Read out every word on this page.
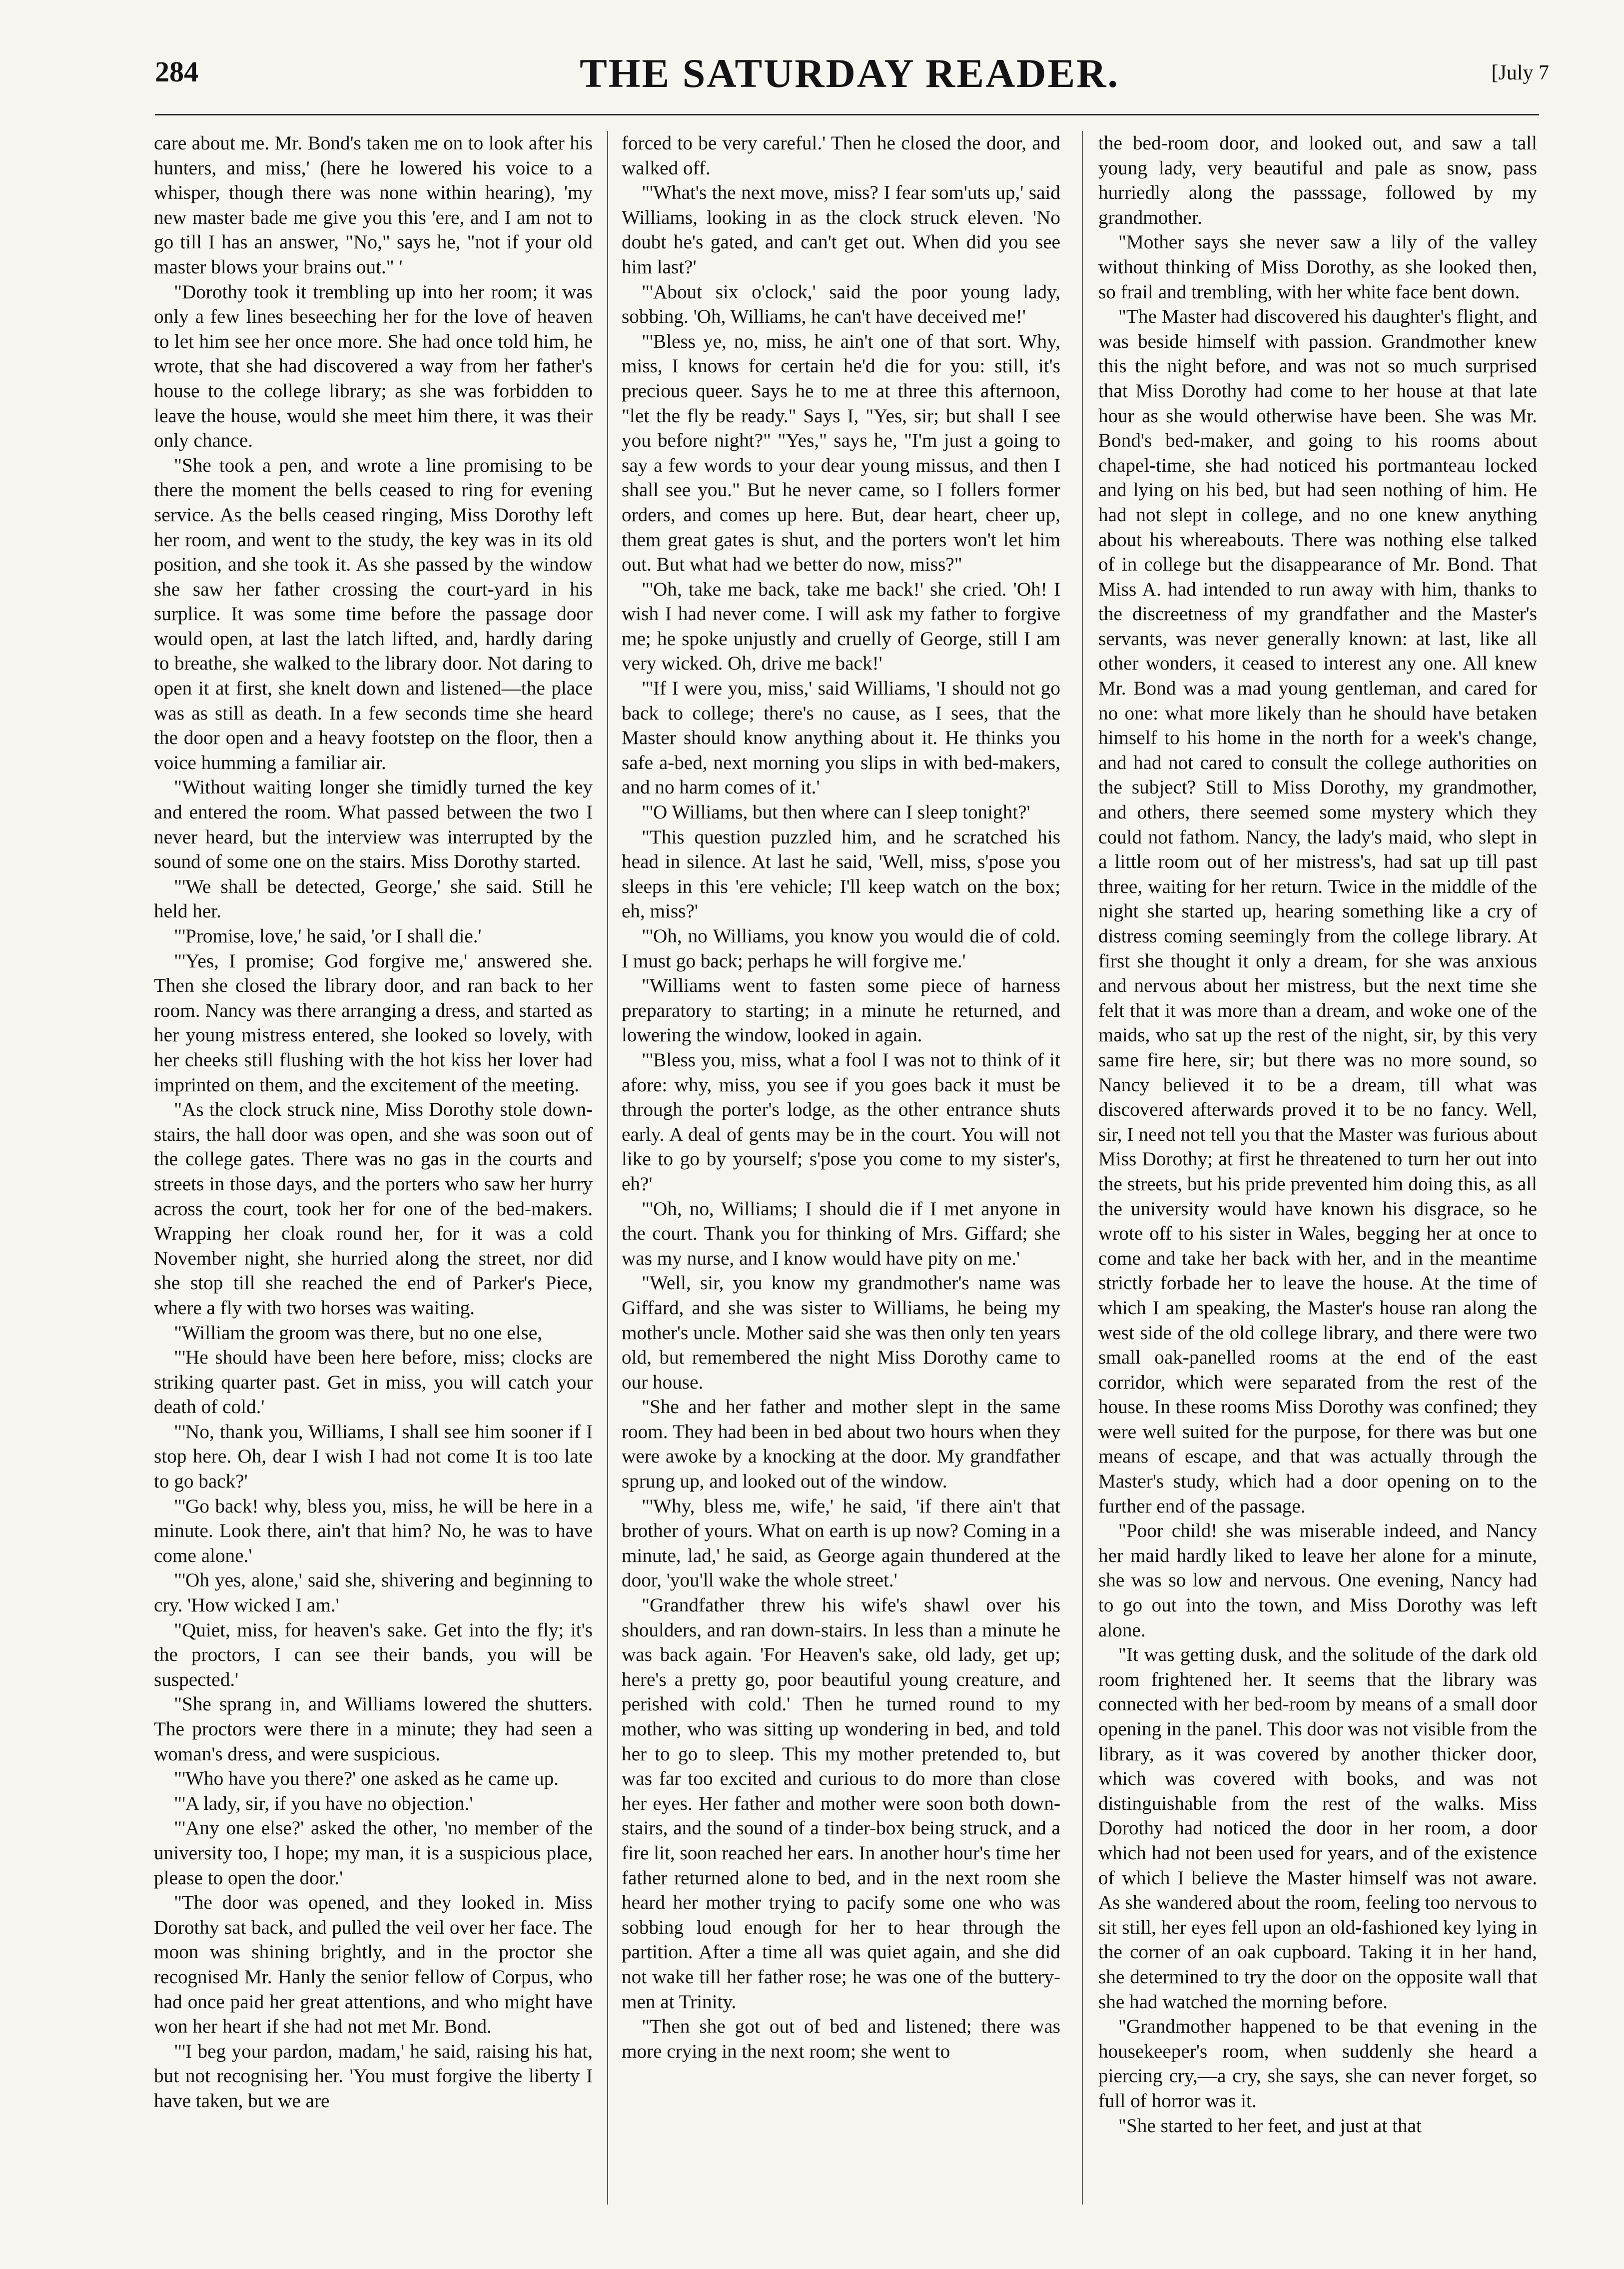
284	THE SATURDAY READER.	[July 7

care about me. Mr. Bond's taken me on to look after his hunters, and miss,' (here he lowered his voice to a whisper, though there was none within hearing), 'my new master bade me give you this 'ere, and I am not to go till I has an answer, "No," says he, "not if your old master blows your brains out." '

"Dorothy took it trembling up into her room; it was only a few lines beseeching her for the love of heaven to let him see her once more. She had once told him, he wrote, that she had discovered a way from her father's house to the college library; as she was forbidden to leave the house, would she meet him there, it was their only chance.

"She took a pen, and wrote a line promising to be there the moment the bells ceased to ring for evening service. As the bells ceased ringing, Miss Dorothy left her room, and went to the study, the key was in its old position, and she took it. As she passed by the window she saw her father crossing the court-yard in his surplice. It was some time before the passage door would open, at last the latch lifted, and, hardly daring to breathe, she walked to the library door. Not daring to open it at first, she knelt down and listened—the place was as still as death. In a few seconds time she heard the door open and a heavy footstep on the floor, then a voice humming a familiar air.

"Without waiting longer she timidly turned the key and entered the room. What passed between the two I never heard, but the interview was interrupted by the sound of some one on the stairs. Miss Dorothy started.

"'We shall be detected, George,' she said. Still he held her.

"'Promise, love,' he said, 'or I shall die.'

"'Yes, I promise; God forgive me,' answered she. Then she closed the library door, and ran back to her room. Nancy was there arranging a dress, and started as her young mistress entered, she looked so lovely, with her cheeks still flushing with the hot kiss her lover had imprinted on them, and the excitement of the meeting.

"As the clock struck nine, Miss Dorothy stole down-stairs, the hall door was open, and she was soon out of the college gates. There was no gas in the courts and streets in those days, and the porters who saw her hurry across the court, took her for one of the bed-makers. Wrapping her cloak round her, for it was a cold November night, she hurried along the street, nor did she stop till she reached the end of Parker's Piece, where a fly with two horses was waiting.

"William the groom was there, but no one else,

"'He should have been here before, miss; clocks are striking quarter past. Get in miss, you will catch your death of cold.'

"'No, thank you, Williams, I shall see him sooner if I stop here. Oh, dear I wish I had not come It is too late to go back?'

"'Go back! why, bless you, miss, he will be here in a minute. Look there, ain't that him? No, he was to have come alone.'

"'Oh yes, alone,' said she, shivering and beginning to cry. 'How wicked I am.'

"Quiet, miss, for heaven's sake. Get into the fly; it's the proctors, I can see their bands, you will be suspected.'

"She sprang in, and Williams lowered the shutters. The proctors were there in a minute; they had seen a woman's dress, and were suspicious.

"'Who have you there?' one asked as he came up.

"'A lady, sir, if you have no objection.'

"'Any one else?' asked the other, 'no member of the university too, I hope; my man, it is a suspicious place, please to open the door.'

"The door was opened, and they looked in. Miss Dorothy sat back, and pulled the veil over her face. The moon was shining brightly, and in the proctor she recognised Mr. Hanly the senior fellow of Corpus, who had once paid her great attentions, and who might have won her heart if she had not met Mr. Bond.

"'I beg your pardon, madam,' he said, raising his hat, but not recognising her. 'You must forgive the liberty I have taken, but we are

forced to be very careful.' Then he closed the door, and walked off.

"'What's the next move, miss? I fear som'uts up,' said Williams, looking in as the clock struck eleven. 'No doubt he's gated, and can't get out. When did you see him last?'

"'About six o'clock,' said the poor young lady, sobbing. 'Oh, Williams, he can't have deceived me!'

"'Bless ye, no, miss, he ain't one of that sort. Why, miss, I knows for certain he'd die for you: still, it's precious queer. Says he to me at three this afternoon, "let the fly be ready." Says I, "Yes, sir; but shall I see you before night?" "Yes," says he, "I'm just a going to say a few words to your dear young missus, and then I shall see you." But he never came, so I follers former orders, and comes up here. But, dear heart, cheer up, them great gates is shut, and the porters won't let him out. But what had we better do now, miss?"

"'Oh, take me back, take me back!' she cried. 'Oh! I wish I had never come. I will ask my father to forgive me; he spoke unjustly and cruelly of George, still I am very wicked. Oh, drive me back!'

"'If I were you, miss,' said Williams, 'I should not go back to college; there's no cause, as I sees, that the Master should know anything about it. He thinks you safe a-bed, next morning you slips in with bed-makers, and no harm comes of it.'

"'O Williams, but then where can I sleep tonight?'

"This question puzzled him, and he scratched his head in silence. At last he said, 'Well, miss, s'pose you sleeps in this 'ere vehicle; I'll keep watch on the box; eh, miss?'

"'Oh, no Williams, you know you would die of cold. I must go back; perhaps he will forgive me.'

"Williams went to fasten some piece of harness preparatory to starting; in a minute he returned, and lowering the window, looked in again.

"'Bless you, miss, what a fool I was not to think of it afore: why, miss, you see if you goes back it must be through the porter's lodge, as the other entrance shuts early. A deal of gents may be in the court. You will not like to go by yourself; s'pose you come to my sister's, eh?'

"'Oh, no, Williams; I should die if I met anyone in the court. Thank you for thinking of Mrs. Giffard; she was my nurse, and I know would have pity on me.'

"Well, sir, you know my grandmother's name was Giffard, and she was sister to Williams, he being my mother's uncle. Mother said she was then only ten years old, but remembered the night Miss Dorothy came to our house.

"She and her father and mother slept in the same room. They had been in bed about two hours when they were awoke by a knocking at the door. My grandfather sprung up, and looked out of the window.

"'Why, bless me, wife,' he said, 'if there ain't that brother of yours. What on earth is up now? Coming in a minute, lad,' he said, as George again thundered at the door, 'you'll wake the whole street.'

"Grandfather threw his wife's shawl over his shoulders, and ran down-stairs. In less than a minute he was back again. 'For Heaven's sake, old lady, get up; here's a pretty go, poor beautiful young creature, and perished with cold.' Then he turned round to my mother, who was sitting up wondering in bed, and told her to go to sleep. This my mother pretended to, but was far too excited and curious to do more than close her eyes. Her father and mother were soon both down-stairs, and the sound of a tinder-box being struck, and a fire lit, soon reached her ears. In another hour's time her father returned alone to bed, and in the next room she heard her mother trying to pacify some one who was sobbing loud enough for her to hear through the partition. After a time all was quiet again, and she did not wake till her father rose; he was one of the buttery-men at Trinity.

"Then she got out of bed and listened; there was more crying in the next room; she went to

the bed-room door, and looked out, and saw a tall young lady, very beautiful and pale as snow, pass hurriedly along the passsage, followed by my grandmother.

"Mother says she never saw a lily of the valley without thinking of Miss Dorothy, as she looked then, so frail and trembling, with her white face bent down.

"The Master had discovered his daughter's flight, and was beside himself with passion. Grandmother knew this the night before, and was not so much surprised that Miss Dorothy had come to her house at that late hour as she would otherwise have been. She was Mr. Bond's bed-maker, and going to his rooms about chapel-time, she had noticed his portmanteau locked and lying on his bed, but had seen nothing of him. He had not slept in college, and no one knew anything about his whereabouts. There was nothing else talked of in college but the disappearance of Mr. Bond. That Miss A. had intended to run away with him, thanks to the discreetness of my grandfather and the Master's servants, was never generally known: at last, like all other wonders, it ceased to interest any one. All knew Mr. Bond was a mad young gentleman, and cared for no one: what more likely than he should have betaken himself to his home in the north for a week's change, and had not cared to consult the college authorities on the subject? Still to Miss Dorothy, my grandmother, and others, there seemed some mystery which they could not fathom. Nancy, the lady's maid, who slept in a little room out of her mistress's, had sat up till past three, waiting for her return. Twice in the middle of the night she started up, hearing something like a cry of distress coming seemingly from the college library. At first she thought it only a dream, for she was anxious and nervous about her mistress, but the next time she felt that it was more than a dream, and woke one of the maids, who sat up the rest of the night, sir, by this very same fire here, sir; but there was no more sound, so Nancy believed it to be a dream, till what was discovered afterwards proved it to be no fancy. Well, sir, I need not tell you that the Master was furious about Miss Dorothy; at first he threatened to turn her out into the streets, but his pride prevented him doing this, as all the university would have known his disgrace, so he wrote off to his sister in Wales, begging her at once to come and take her back with her, and in the meantime strictly forbade her to leave the house. At the time of which I am speaking, the Master's house ran along the west side of the old college library, and there were two small oak-panelled rooms at the end of the east corridor, which were separated from the rest of the house. In these rooms Miss Dorothy was confined; they were well suited for the purpose, for there was but one means of escape, and that was actually through the Master's study, which had a door opening on to the further end of the passage.

"Poor child! she was miserable indeed, and Nancy her maid hardly liked to leave her alone for a minute, she was so low and nervous. One evening, Nancy had to go out into the town, and Miss Dorothy was left alone.

"It was getting dusk, and the solitude of the dark old room frightened her. It seems that the library was connected with her bed-room by means of a small door opening in the panel. This door was not visible from the library, as it was covered by another thicker door, which was covered with books, and was not distinguishable from the rest of the walks. Miss Dorothy had noticed the door in her room, a door which had not been used for years, and of the existence of which I believe the Master himself was not aware. As she wandered about the room, feeling too nervous to sit still, her eyes fell upon an old-fashioned key lying in the corner of an oak cupboard. Taking it in her hand, she determined to try the door on the opposite wall that she had watched the morning before.

"Grandmother happened to be that evening in the housekeeper's room, when suddenly she heard a piercing cry,—a cry, she says, she can never forget, so full of horror was it.

"She started to her feet, and just at that
